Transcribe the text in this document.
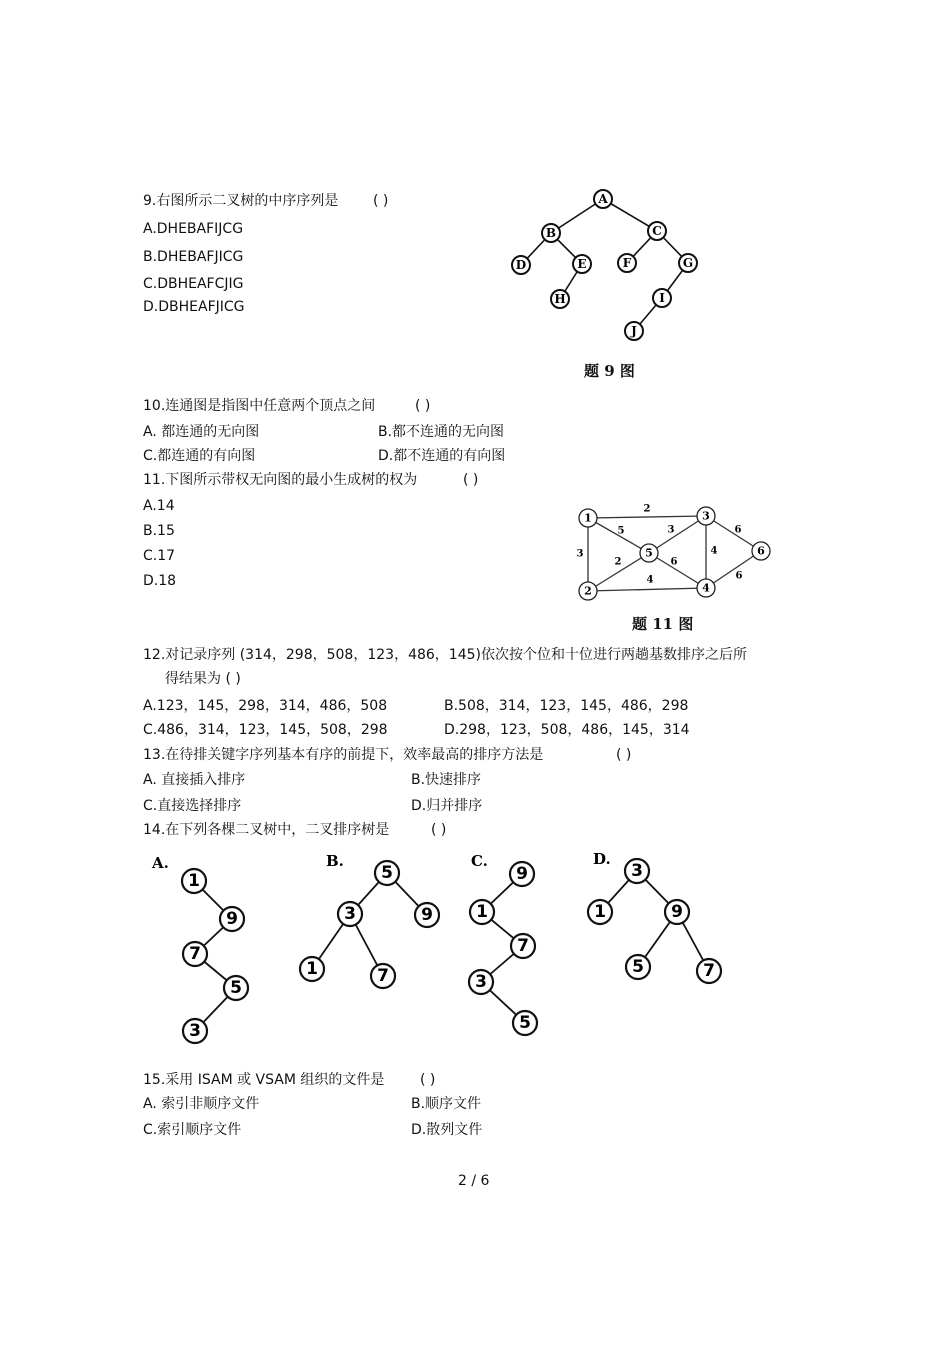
9.右图所示二叉树的中序序列是 ( )
A.DHEBAFIJCG
B.DHEBAFJICG
C.DBHEAFCJIG
D.DBHEAFJICG
A
B	C
D	E	F	G
H	I
J
题 9 图
10.连通图是指图中任意两个顶点之间	( )
A. 都连通的无向图	B.都不连通的无向图
C.都连通的有向图	D.都不连通的有向图
11.下图所示带权无向图的最小生成树的权为	( )
A.14
B.15
C.17
D.18
2
5
3
6
3
2	6
4
6
4
1
2
3
4
5	6
题 11 图
12.对记录序列 (314，298，508，123，486，145)依次按个位和十位进行两趟基数排序之后所
得结果为 ( )
A.123，145，298，314，486，508	B.508，314，123，145，486，298
C.486，314，123，145，508，298	D.298，123，508，486，145，314
13.在待排关键字序列基本有序的前提下，效率最高的排序方法是	( )
A. 直接插入排序	B.快速排序
C.直接选择排序	D.归并排序
14.在下列各棵二叉树中，二叉排序树是	( )
A.
1
9
7
5
3
B.
5
3	9
1	7
C.
9
1
7
3
5
D.
3
1	9
5	7
15.采用 ISAM 或 VSAM 组织的文件是	( )
A. 索引非顺序文件	B.顺序文件
C.索引顺序文件	D.散列文件
2 / 6
